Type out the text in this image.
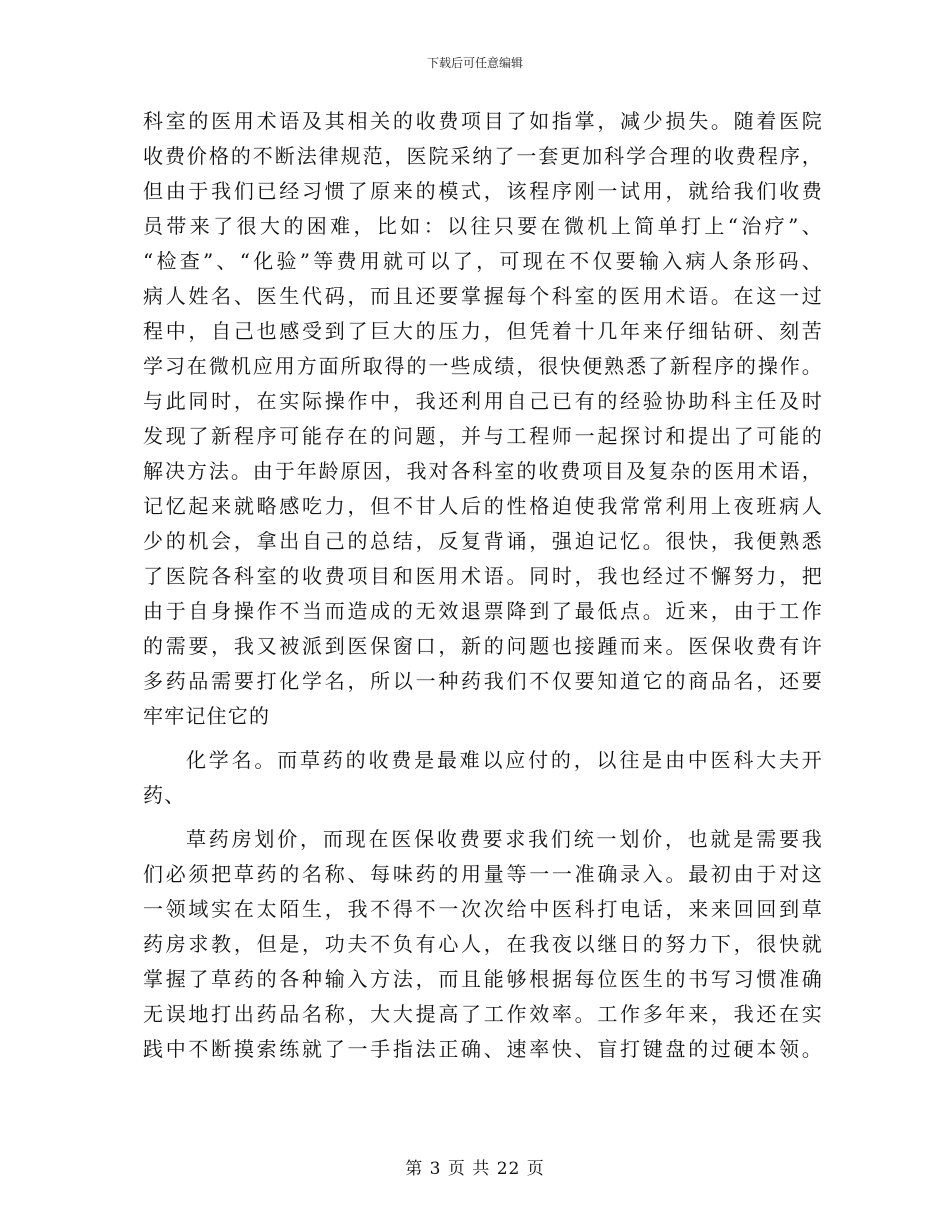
下载后可任意编辑
科室的医用术语及其相关的收费项目了如指掌，减少损失。随着医院
收费价格的不断法律规范，医院采纳了一套更加科学合理的收费程序，
但由于我们已经习惯了原来的模式，该程序刚一试用，就给我们收费
员带来了很大的困难，比如：以往只要在微机上简单打上“治疗”、
“检查”、“化验”等费用就可以了，可现在不仅要输入病人条形码、
病人姓名、医生代码，而且还要掌握每个科室的医用术语。在这一过
程中，自己也感受到了巨大的压力，但凭着十几年来仔细钻研、刻苦
学习在微机应用方面所取得的一些成绩，很快便熟悉了新程序的操作。
与此同时，在实际操作中，我还利用自己已有的经验协助科主任及时
发现了新程序可能存在的问题，并与工程师一起探讨和提出了可能的
解决方法。由于年龄原因，我对各科室的收费项目及复杂的医用术语，
记忆起来就略感吃力，但不甘人后的性格迫使我常常利用上夜班病人
少的机会，拿出自己的总结，反复背诵，强迫记忆。很快，我便熟悉
了医院各科室的收费项目和医用术语。同时，我也经过不懈努力，把
由于自身操作不当而造成的无效退票降到了最低点。近来，由于工作
的需要，我又被派到医保窗口，新的问题也接踵而来。医保收费有许
多药品需要打化学名，所以一种药我们不仅要知道它的商品名，还要
牢牢记住它的
化学名。而草药的收费是最难以应付的，以往是由中医科大夫开
药、
草药房划价，而现在医保收费要求我们统一划价，也就是需要我
们必须把草药的名称、每味药的用量等一一准确录入。最初由于对这
一领域实在太陌生，我不得不一次次给中医科打电话，来来回回到草
药房求教，但是，功夫不负有心人，在我夜以继日的努力下，很快就
掌握了草药的各种输入方法，而且能够根据每位医生的书写习惯准确
无误地打出药品名称，大大提高了工作效率。工作多年来，我还在实
践中不断摸索练就了一手指法正确、速率快、盲打键盘的过硬本领。
第 3 页 共 22 页
